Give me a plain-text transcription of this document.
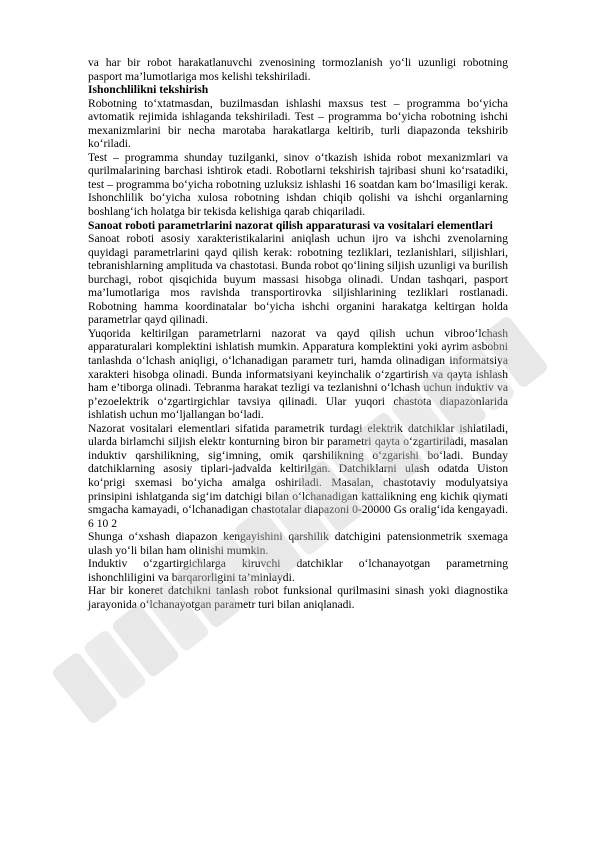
va har bir robot harakatlanuvchi zvenosining tormozlanish yo‘li uzunligi robotning pasport ma’lumotlariga mos kelishi tekshiriladi.

Ishonchlilikni tekshirish

Robotning to‘xtatmasdan, buzilmasdan ishlashi maxsus test – programma bo‘yicha avtomatik rejimida ishlaganda tekshiriladi. Test – programma bo‘yicha robotning ishchi mexanizmlarini bir necha marotaba harakatlarga keltirib, turli diapazonda tekshirib ko‘riladi.

Test – programma shunday tuzilganki, sinov o‘tkazish ishida robot mexanizmlari va qurilmalarining barchasi ishtirok etadi. Robotlarni tekshirish tajribasi shuni ko‘rsatadiki, test – programma bo‘yicha robotning uzluksiz ishlashi 16 soatdan kam bo‘lmasiligi kerak. Ishonchlilik bo‘yicha xulosa robotning ishdan chiqib qolishi va ishchi organlarning boshlang‘ich holatga bir tekisda kelishiga qarab chiqariladi.

Sanoat roboti parametrlarini nazorat qilish apparaturasi va vositalari elementlari

Sanoat roboti asosiy xarakteristikalarini aniqlash uchun ijro va ishchi zvenolarning quyidagi parametrlarini qayd qilish kerak: robotning tezliklari, tezlanishlari, siljishlari, tebranishlarning amplituda va chastotasi. Bunda robot qo‘lining siljish uzunligi va burilish burchagi, robot qisqichida buyum massasi hisobga olinadi. Undan tashqari, pasport ma’lumotlariga mos ravishda transportirovka siljishlarining tezliklari rostlanadi. Robotning hamma koordinatalar bo‘yicha ishchi organini harakatga keltirgan holda parametrlar qayd qilinadi.

Yuqorida keltirilgan parametrlarni nazorat va qayd qilish uchun vibroo‘lchash apparaturalari komplektini ishlatish mumkin. Apparatura komplektini yoki ayrim asbobni tanlashda o‘lchash aniqligi, o‘lchanadigan parametr turi, hamda olinadigan informatsiya xarakteri hisobga olinadi. Bunda informatsiyani keyinchalik o‘zgartirish va qayta ishlash ham e’tiborga olinadi. Tebranma harakat tezligi va tezlanishni o‘lchash uchun induktiv va p’ezoelektrik o‘zgartirgichlar tavsiya qilinadi. Ular yuqori chastota diapazonlarida ishlatish uchun mo‘ljallangan bo‘ladi.

Nazorat vositalari elementlari sifatida parametrik turdagi elektrik datchiklar ishlatiladi, ularda birlamchi siljish elektr konturning biron bir parametri qayta o‘zgartiriladi, masalan induktiv qarshilikning, sig‘imning, omik qarshilikning o‘zgarishi bo‘ladi. Bunday datchiklarning asosiy tiplari-jadvalda keltirilgan. Datchiklarni ulash odatda Uiston ko‘prigi sxemasi bo‘yicha amalga oshiriladi. Masalan, chastotaviy modulyatsiya prinsipini ishlatganda sig‘im datchigi bilan o‘lchanadigan kattalikning eng kichik qiymati smgacha kamayadi, o‘lchanadigan chastotalar diapazoni 0-20000 Gs oralig‘ida kengayadi. 6 10 2

Shunga o‘xshash diapazon kengayishini qarshilik datchigini patensionmetrik sxemaga ulash yo‘li bilan ham olinishi mumkin.

Induktiv o‘zgartirgichlarga kiruvchi datchiklar o‘lchanayotgan parametrning ishonchliligini va barqarorligini ta’minlaydi.

Har bir koneret datchikni tanlash robot funksional qurilmasini sinash yoki diagnostika jarayonida o‘lchanayotgan parametr turi bilan aniqlanadi.
